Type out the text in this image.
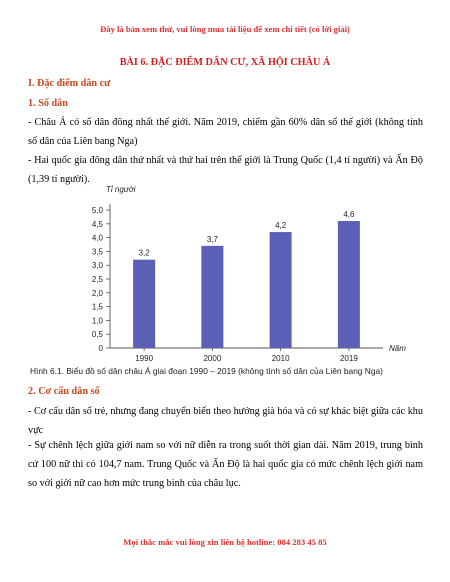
Đây là bản xem thử, vui lòng mua tài liệu để xem chi tiết (có lời giải)
BÀI 6. ĐẶC ĐIỂM DÂN CƯ, XÃ HỘI CHÂU Á
I. Đặc điểm dân cư
1. Số dân
- Châu Á có số dân đông nhất thế giới. Năm 2019, chiếm gần 60% dân số thế giới (không tính số dân của Liên bang Nga)
- Hai quốc gia đông dân thứ nhất và thứ hai trên thế giới là Trung Quốc (1,4 tỉ người) và Ấn Độ (1,39 tỉ người).
Tỉ người
0
0,5
1,0
1,5
2,0
2,5
3,0
3,5
4,0
4,5
5,0
Năm
3,2
1990
3,7
2000
4,2
2010
4,6
2019
Hình 6.1. Biểu đồ số dân châu Á giai đoạn 1990 – 2019 (không tính số dân của Liên bang Nga)
2. Cơ cấu dân số
- Cơ cấu dân số trẻ, nhưng đang chuyển biến theo hướng già hóa và có sự khác biệt giữa các khu vực
- Sự chênh lệch giữa giới nam so với nữ diễn ra trong suốt thời gian dài. Năm 2019, trung bình cứ 100 nữ thì có 104,7 nam. Trung Quốc và Ấn Độ là hai quốc gia có mức chênh lệch giới nam so với giới nữ cao hơn mức trung bình của châu lục.
Mọi thắc mắc vui lòng xin liên hệ hotline: 084 283 45 85
